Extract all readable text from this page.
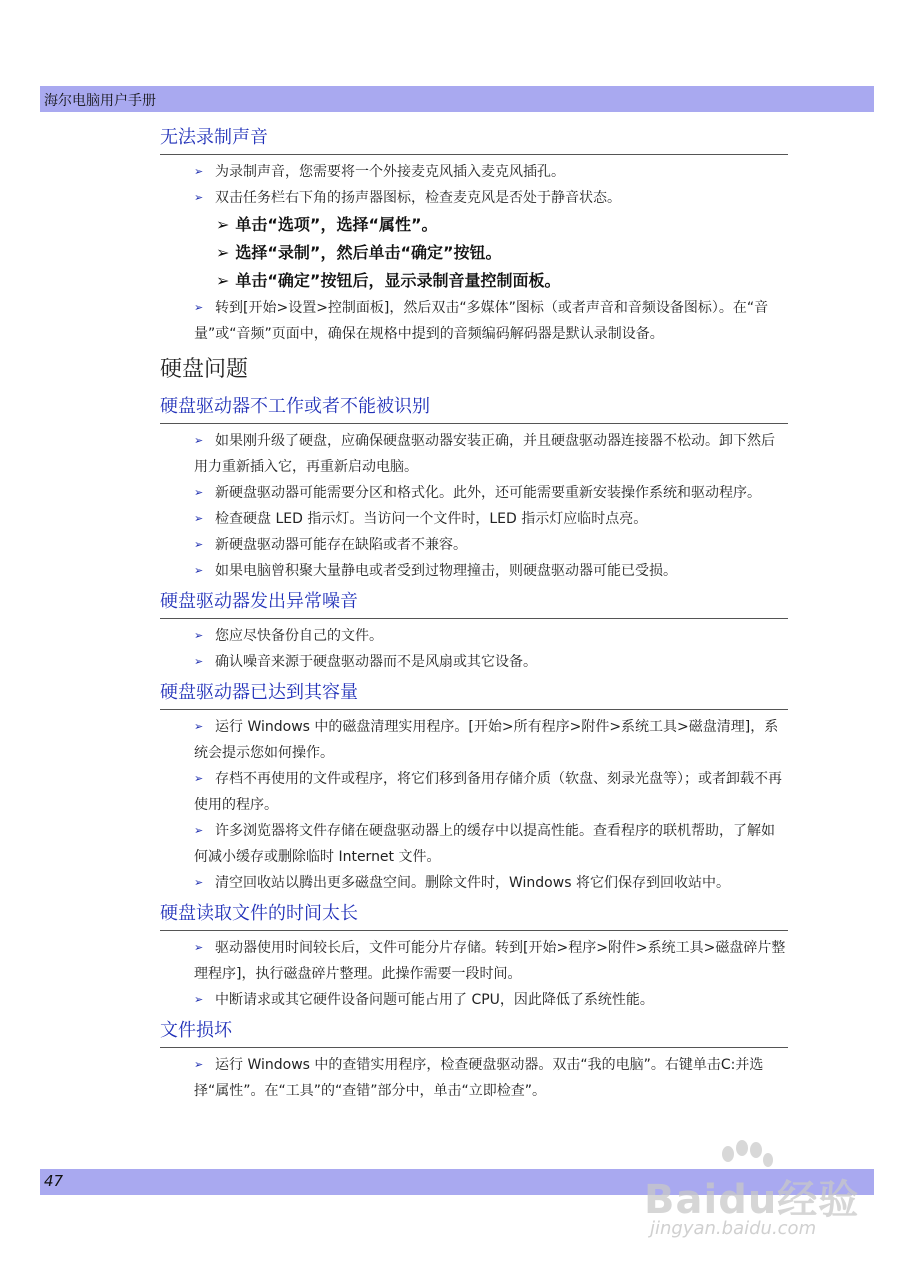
海尔电脑用户手册
无法录制声音
➢ 为录制声音，您需要将一个外接麦克风插入麦克风插孔。
➢ 双击任务栏右下角的扬声器图标，检查麦克风是否处于静音状态。
➢ 单击“选项”，选择“属性”。
➢ 选择“录制”，然后单击“确定”按钮。
➢ 单击“确定”按钮后，显示录制音量控制面板。
➢ 转到[开始>设置>控制面板]，然后双击“多媒体”图标（或者声音和音频设备图标）。在“音量”或“音频”页面中，确保在规格中提到的音频编码解码器是默认录制设备。
硬盘问题
硬盘驱动器不工作或者不能被识别
➢ 如果刚升级了硬盘，应确保硬盘驱动器安装正确，并且硬盘驱动器连接器不松动。卸下然后用力重新插入它，再重新启动电脑。
➢ 新硬盘驱动器可能需要分区和格式化。此外，还可能需要重新安装操作系统和驱动程序。
➢ 检查硬盘 LED 指示灯。当访问一个文件时，LED 指示灯应临时点亮。
➢ 新硬盘驱动器可能存在缺陷或者不兼容。
➢ 如果电脑曾积聚大量静电或者受到过物理撞击，则硬盘驱动器可能已受损。
硬盘驱动器发出异常噪音
➢ 您应尽快备份自己的文件。
➢ 确认噪音来源于硬盘驱动器而不是风扇或其它设备。
硬盘驱动器已达到其容量
➢ 运行 Windows 中的磁盘清理实用程序。[开始>所有程序>附件>系统工具>磁盘清理]，系统会提示您如何操作。
➢ 存档不再使用的文件或程序，将它们移到备用存储介质（软盘、刻录光盘等）；或者卸载不再使用的程序。
➢ 许多浏览器将文件存储在硬盘驱动器上的缓存中以提高性能。查看程序的联机帮助，了解如何减小缓存或删除临时 Internet 文件。
➢ 清空回收站以腾出更多磁盘空间。删除文件时，Windows 将它们保存到回收站中。
硬盘读取文件的时间太长
➢ 驱动器使用时间较长后，文件可能分片存储。转到[开始>程序>附件>系统工具>磁盘碎片整理程序]，执行磁盘碎片整理。此操作需要一段时间。
➢ 中断请求或其它硬件设备问题可能占用了 CPU，因此降低了系统性能。
文件损坏
➢ 运行 Windows 中的查错实用程序，检查硬盘驱动器。双击“我的电脑”。右键单击C:并选择“属性”。在“工具”的“查错”部分中，单击“立即检查”。
47	Baidu经验
jingyan.baidu.com
